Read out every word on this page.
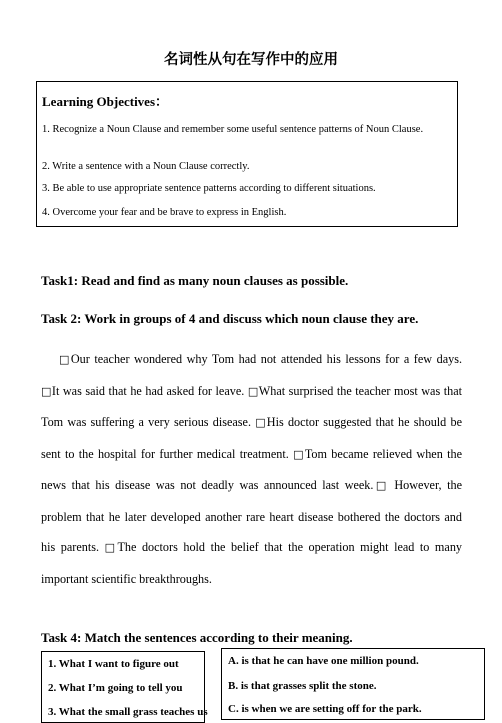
名词性从句在写作中的应用
Learning Objectives：
1. Recognize a Noun Clause and remember some useful sentence patterns of Noun Clause.
2. Write a sentence with a Noun Clause correctly.
3. Be able to use appropriate sentence patterns according to different situations.
4. Overcome your fear and be brave to express in English.
Task1: Read and find as many noun clauses as possible.
Task 2: Work in groups of 4 and discuss which noun clause they are.
□Our teacher wondered why Tom had not attended his lessons for a few days. □It was said that he had asked for leave. □What surprised the teacher most was that Tom was suffering a very serious disease. □His doctor suggested that he should be sent to the hospital for further medical treatment. □Tom became relieved when the news that his disease was not deadly was announced last week.□ However, the problem that he later developed another rare heart disease bothered the doctors and his parents. □The doctors hold the belief that the operation might lead to many important scientific breakthroughs.
Task 4: Match the sentences according to their meaning.
1. What I want to figure out
2. What I’m going to tell you
3. What the small grass teaches us
A. is that he can have one million pound.
B. is that grasses split the stone.
C. is when we are setting off for the park.
